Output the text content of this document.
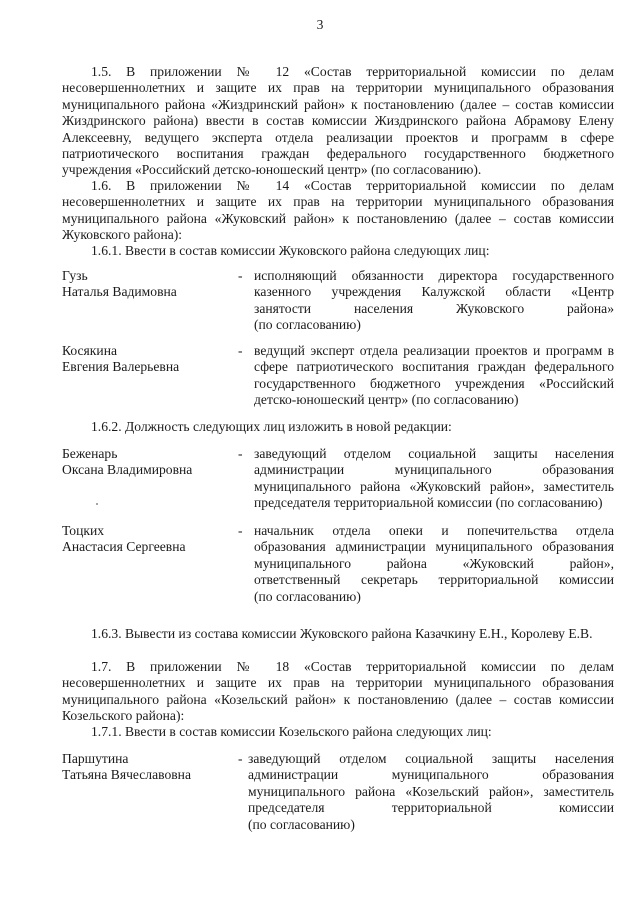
3

1.5. В приложении № 12 «Состав территориальной комиссии по делам несовершеннолетних и защите их прав на территории муниципального образования муниципального района «Жиздринский район» к постановлению (далее – состав комиссии Жиздринского района) ввести в состав комиссии Жиздринского района Абрамову Елену Алексеевну, ведущего эксперта отдела реализации проектов и программ в сфере патриотического воспитания граждан федерального государственного бюджетного учреждения «Российский детско-юношеский центр» (по согласованию).

1.6. В приложении № 14 «Состав территориальной комиссии по делам несовершеннолетних и защите их прав на территории муниципального образования муниципального района «Жуковский район» к постановлению (далее – состав комиссии Жуковского района):

1.6.1. Ввести в состав комиссии Жуковского района следующих лиц:

Гузь
Наталья Вадимовна
- исполняющий обязанности директора государственного
казенного учреждения Калужской области «Центр
занятости населения Жуковского района»
(по согласованию)
Косякина
Евгения Валерьевна
- ведущий эксперт отдела реализации проектов и программ в
сфере патриотического воспитания граждан федерального
государственного бюджетного учреждения «Российский
детско-юношеский центр» (по согласованию)

1.6.2. Должность следующих лиц изложить в новой редакции:

Беженарь
Оксана Владимировна
- заведующий отделом социальной защиты населения
администрации муниципального образования
муниципального района «Жуковский район», заместитель
председателя территориальной комиссии (по согласованию)
Тоцких
Анастасия Сергеевна
- начальник отдела опеки и попечительства отдела
образования администрации муниципального образования
муниципального района «Жуковский район»,
ответственный секретарь территориальной комиссии
(по согласованию)

1.6.3. Вывести из состава комиссии Жуковского района Казачкину Е.Н., Королеву Е.В.

1.7. В приложении № 18 «Состав территориальной комиссии по делам несовершеннолетних и защите их прав на территории муниципального образования муниципального района «Козельский район» к постановлению (далее – состав комиссии Козельского района):

1.7.1. Ввести в состав комиссии Козельского района следующих лиц:

Паршутина
Татьяна Вячеславовна
- заведующий отделом социальной защиты населения
администрации муниципального образования
муниципального района «Козельский район», заместитель
председателя территориальной комиссии
(по согласованию)
